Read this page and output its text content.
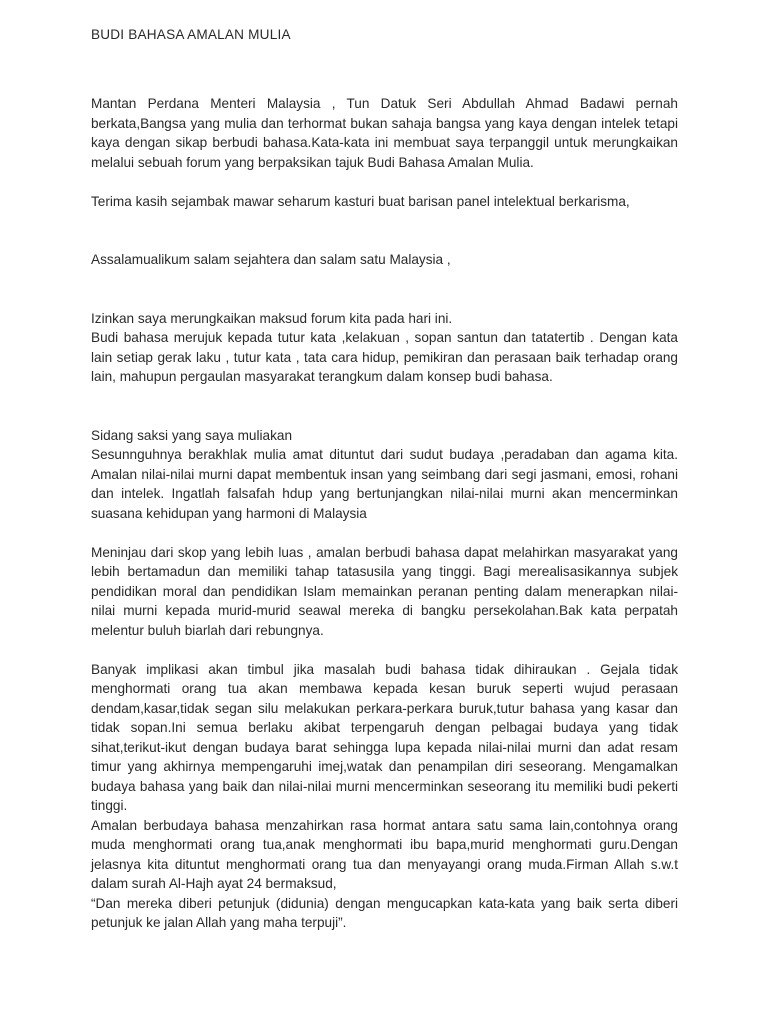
BUDI BAHASA AMALAN MULIA

Mantan Perdana Menteri Malaysia , Tun Datuk Seri Abdullah Ahmad Badawi pernah berkata,Bangsa yang mulia dan terhormat bukan sahaja bangsa yang kaya dengan intelek tetapi kaya dengan sikap berbudi bahasa.Kata-kata ini membuat saya terpanggil untuk merungkaikan melalui sebuah forum yang berpaksikan tajuk Budi Bahasa Amalan Mulia.

Terima kasih sejambak mawar seharum kasturi buat barisan panel intelektual berkarisma,

Assalamualikum salam sejahtera dan salam satu Malaysia ,

Izinkan saya merungkaikan maksud forum kita pada hari ini.

Budi bahasa merujuk kepada tutur kata ,kelakuan , sopan santun dan tatatertib . Dengan kata lain setiap gerak laku , tutur kata , tata cara hidup, pemikiran dan perasaan baik terhadap orang lain, mahupun pergaulan masyarakat terangkum dalam konsep budi bahasa.

Sidang saksi yang saya muliakan

Sesunnguhnya berakhlak mulia amat dituntut dari sudut budaya ,peradaban dan agama kita. Amalan nilai-nilai murni dapat membentuk insan yang seimbang dari segi jasmani, emosi, rohani dan intelek. Ingatlah falsafah hdup yang bertunjangkan nilai-nilai murni akan mencerminkan suasana kehidupan yang harmoni di Malaysia

Meninjau dari skop yang lebih luas , amalan berbudi bahasa dapat melahirkan masyarakat yang lebih bertamadun dan memiliki tahap tatasusila yang tinggi. Bagi merealisasikannya subjek pendidikan moral dan pendidikan Islam memainkan peranan penting dalam menerapkan nilai-nilai murni kepada murid-murid seawal mereka di bangku persekolahan.Bak kata perpatah melentur buluh biarlah dari rebungnya.

Banyak implikasi akan timbul jika masalah budi bahasa tidak dihiraukan . Gejala tidak menghormati orang tua akan membawa kepada kesan buruk seperti wujud perasaan dendam,kasar,tidak segan silu melakukan perkara-perkara buruk,tutur bahasa yang kasar dan tidak sopan.Ini semua berlaku akibat terpengaruh dengan pelbagai budaya yang tidak sihat,terikut-ikut dengan budaya barat sehingga lupa kepada nilai-nilai murni dan adat resam timur yang akhirnya mempengaruhi imej,watak dan penampilan diri seseorang. Mengamalkan budaya bahasa yang baik dan nilai-nilai murni mencerminkan seseorang itu memiliki budi pekerti tinggi.

Amalan berbudaya bahasa menzahirkan rasa hormat antara satu sama lain,contohnya orang muda menghormati orang tua,anak menghormati ibu bapa,murid menghormati guru.Dengan jelasnya kita dituntut menghormati orang tua dan menyayangi orang muda.Firman Allah s.w.t dalam surah Al-Hajh ayat 24 bermaksud,

“Dan mereka diberi petunjuk (didunia) dengan mengucapkan kata-kata yang baik serta diberi petunjuk ke jalan Allah yang maha terpuji”.
